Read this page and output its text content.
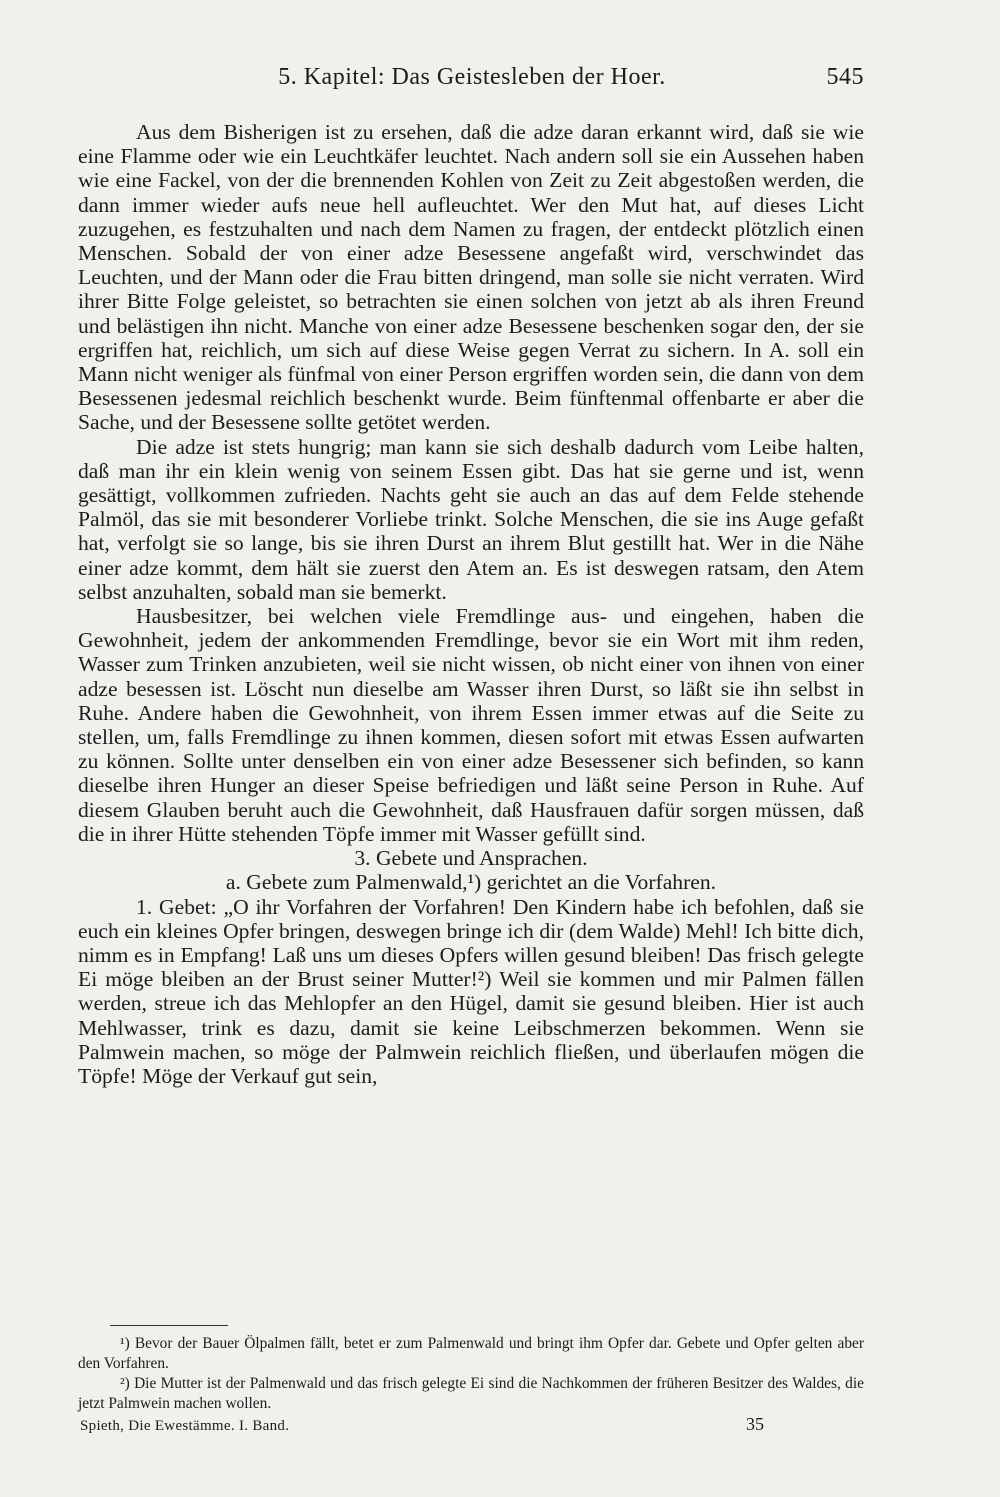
5. Kapitel: Das Geistesleben der Hoer.	545

Aus dem Bisherigen ist zu ersehen, daß die adze daran erkannt wird, daß sie wie eine Flamme oder wie ein Leuchtkäfer leuchtet. Nach andern soll sie ein Aussehen haben wie eine Fackel, von der die brennenden Kohlen von Zeit zu Zeit abgestoßen werden, die dann immer wieder aufs neue hell aufleuchtet. Wer den Mut hat, auf dieses Licht zuzugehen, es festzuhalten und nach dem Namen zu fragen, der entdeckt plötzlich einen Menschen. Sobald der von einer adze Besessene angefaßt wird, verschwindet das Leuchten, und der Mann oder die Frau bitten dringend, man solle sie nicht verraten. Wird ihrer Bitte Folge geleistet, so betrachten sie einen solchen von jetzt ab als ihren Freund und belästigen ihn nicht. Manche von einer adze Besessene beschenken sogar den, der sie ergriffen hat, reichlich, um sich auf diese Weise gegen Verrat zu sichern. In A. soll ein Mann nicht weniger als fünfmal von einer Person ergriffen worden sein, die dann von dem Besessenen jedesmal reichlich beschenkt wurde. Beim fünftenmal offenbarte er aber die Sache, und der Besessene sollte getötet werden.

Die adze ist stets hungrig; man kann sie sich deshalb dadurch vom Leibe halten, daß man ihr ein klein wenig von seinem Essen gibt. Das hat sie gerne und ist, wenn gesättigt, vollkommen zufrieden. Nachts geht sie auch an das auf dem Felde stehende Palmöl, das sie mit besonderer Vorliebe trinkt. Solche Menschen, die sie ins Auge gefaßt hat, verfolgt sie so lange, bis sie ihren Durst an ihrem Blut gestillt hat. Wer in die Nähe einer adze kommt, dem hält sie zuerst den Atem an. Es ist deswegen ratsam, den Atem selbst anzuhalten, sobald man sie bemerkt.

Hausbesitzer, bei welchen viele Fremdlinge aus- und eingehen, haben die Gewohnheit, jedem der ankommenden Fremdlinge, bevor sie ein Wort mit ihm reden, Wasser zum Trinken anzubieten, weil sie nicht wissen, ob nicht einer von ihnen von einer adze besessen ist. Löscht nun dieselbe am Wasser ihren Durst, so läßt sie ihn selbst in Ruhe. Andere haben die Gewohnheit, von ihrem Essen immer etwas auf die Seite zu stellen, um, falls Fremdlinge zu ihnen kommen, diesen sofort mit etwas Essen aufwarten zu können. Sollte unter denselben ein von einer adze Besessener sich befinden, so kann dieselbe ihren Hunger an dieser Speise befriedigen und läßt seine Person in Ruhe. Auf diesem Glauben beruht auch die Gewohnheit, daß Hausfrauen dafür sorgen müssen, daß die in ihrer Hütte stehenden Töpfe immer mit Wasser gefüllt sind.

3. Gebete und Ansprachen.

a. Gebete zum Palmenwald,¹) gerichtet an die Vorfahren.

1. Gebet: „O ihr Vorfahren der Vorfahren! Den Kindern habe ich befohlen, daß sie euch ein kleines Opfer bringen, deswegen bringe ich dir (dem Walde) Mehl! Ich bitte dich, nimm es in Empfang! Laß uns um dieses Opfers willen gesund bleiben! Das frisch gelegte Ei möge bleiben an der Brust seiner Mutter!²) Weil sie kommen und mir Palmen fällen werden, streue ich das Mehlopfer an den Hügel, damit sie gesund bleiben. Hier ist auch Mehlwasser, trink es dazu, damit sie keine Leibschmerzen bekommen. Wenn sie Palmwein machen, so möge der Palmwein reichlich fließen, und überlaufen mögen die Töpfe! Möge der Verkauf gut sein,

¹) Bevor der Bauer Ölpalmen fällt, betet er zum Palmenwald und bringt ihm Opfer dar. Gebete und Opfer gelten aber den Vorfahren.

²) Die Mutter ist der Palmenwald und das frisch gelegte Ei sind die Nachkommen der früheren Besitzer des Waldes, die jetzt Palmwein machen wollen.

Spieth, Die Ewestämme. I. Band.	35
